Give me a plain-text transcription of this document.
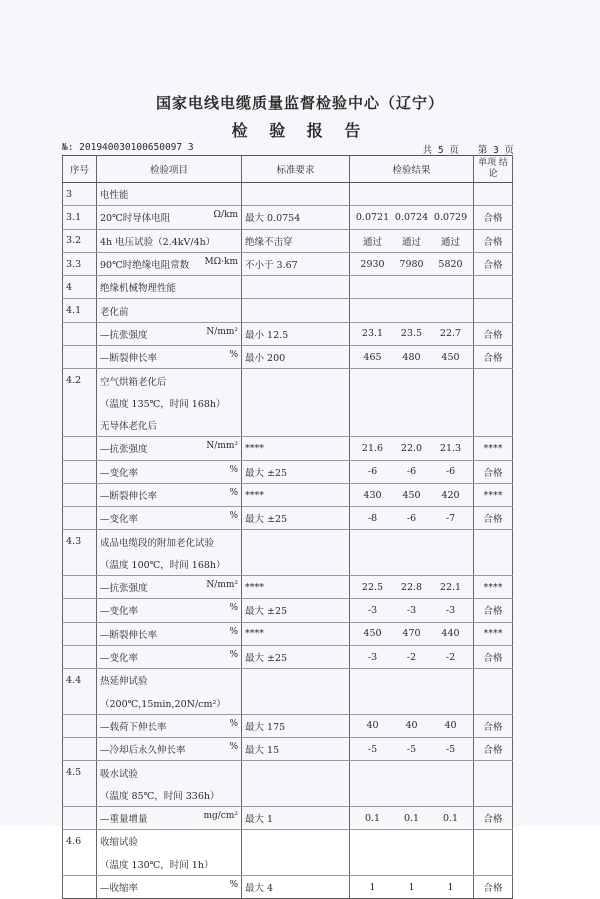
国家电线电缆质量监督检验中心（辽宁）
检 验 报 告
№: 201940030100650097 3	共 5 页　　第 3 页
序号	检验项目	标准要求	检验结果	单项 结论
3	电性能			

3.1	20℃时导体电阻 Ω/km	最大 0.0754	0.0721 0.0724 0.0729	合格
3.2	4h 电压试验（2.4kV/4h）	绝缘不击穿	通过 通过 通过	合格
3.3	90℃时绝缘电阻常数 MΩ·km	不小于 3.67	2930 7980 5820	合格
4	绝缘机械物理性能			

4.1	老化前			

	—抗张强度 N/mm²	最小 12.5	23.1 23.5 22.7	合格

	—断裂伸长率 %	最小 200	465 480 450	合格
4.2	空气烘箱老化后			

	（温度 135℃，时间 168h）			

	无导体老化后			

	—抗张强度 N/mm²	****	21.6 22.0 21.3	****

	—变化率 %	最大 ±25	-6 -6 -6	合格

	—断裂伸长率 %	****	430 450 420	****

	—变化率 %	最大 ±25	-8 -6 -7	合格
4.3	成品电缆段的附加老化试验			

	（温度 100℃，时间 168h）			

	—抗张强度 N/mm²	****	22.5 22.8 22.1	****

	—变化率 %	最大 ±25	-3 -3 -3	合格

	—断裂伸长率 %	****	450 470 440	****

	—变化率 %	最大 ±25	-3 -2 -2	合格
4.4	热延伸试验			

	（200℃,15min,20N/cm²）			

	—载荷下伸长率 %	最大 175	40 40 40	合格

	—冷却后永久伸长率 %	最大 15	-5 -5 -5	合格
4.5	吸水试验			

	（温度 85℃，时间 336h）			

	—重量增量 mg/cm²	最大 1	0.1 0.1 0.1	合格
4.6	收缩试验			

	（温度 130℃，时间 1h）			

	—收缩率 %	最大 4	1 1 1	合格
